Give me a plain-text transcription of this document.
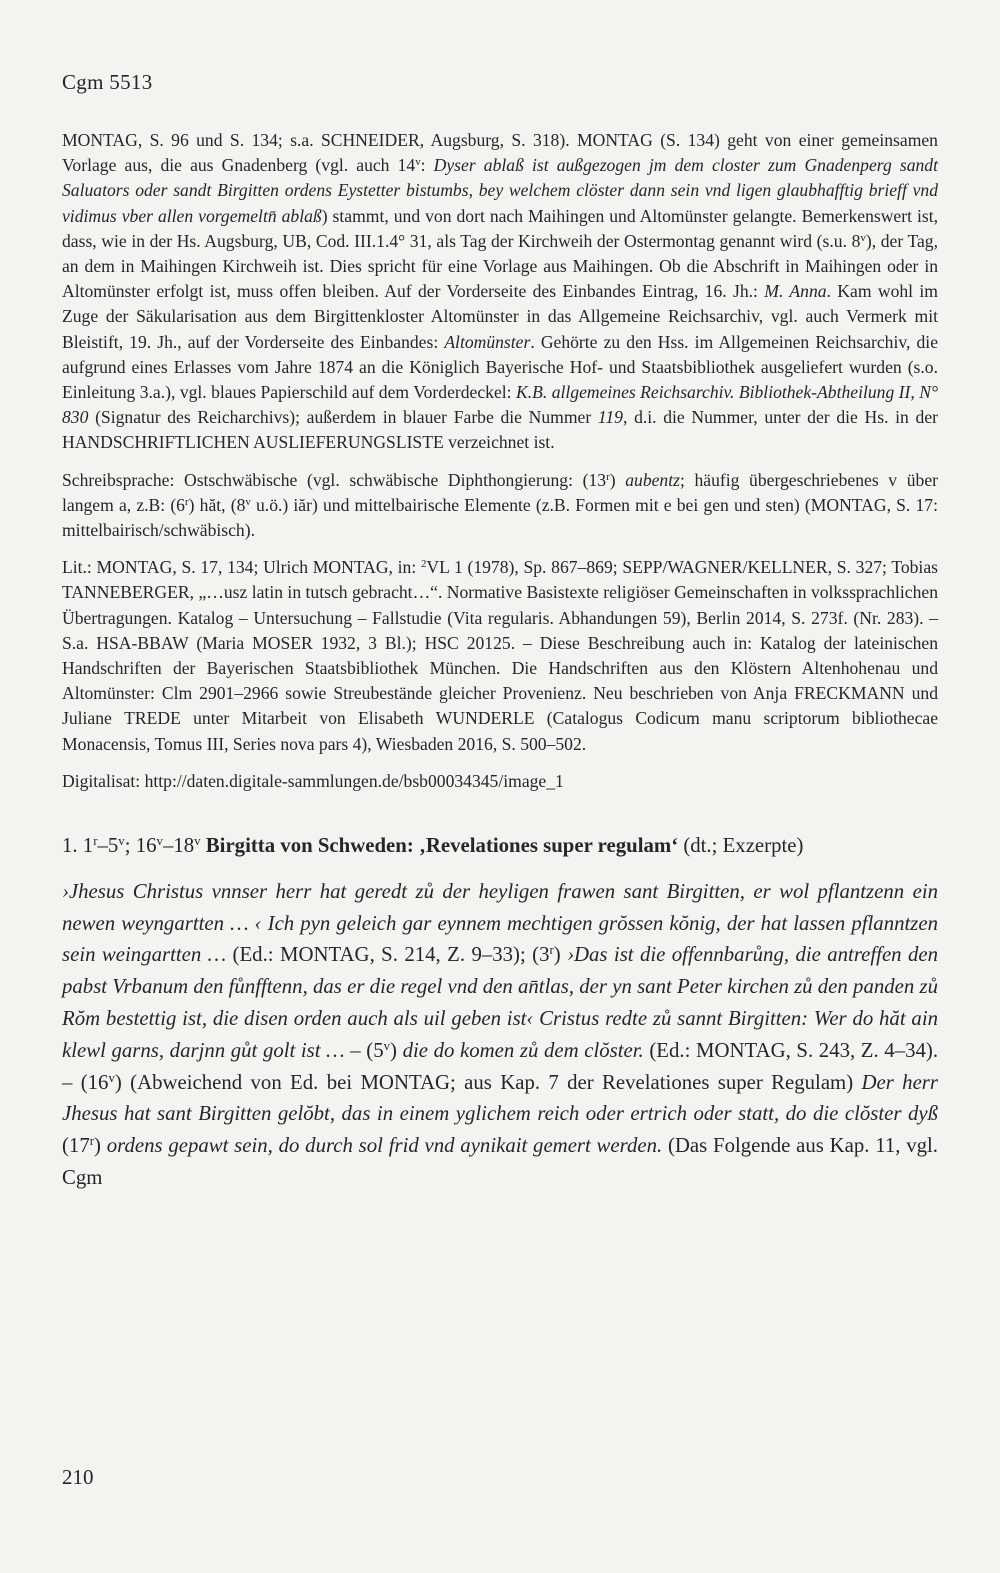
Cgm 5513

MONTAG, S. 96 und S. 134; s.a. SCHNEIDER, Augsburg, S. 318). MONTAG (S. 134) geht von einer gemeinsamen Vorlage aus, die aus Gnadenberg (vgl. auch 14$^v$: Dyser ablaß ist außgezogen jm dem closter zum Gnadenperg sandt Saluators oder sandt Birgitten ordens Eystetter bistumbs, bey welchem clöster dann sein vnd ligen glaubhafftig brieff vnd vidimus vber allen vorgemeltn̄ ablaß) stammt, und von dort nach Maihingen und Altomünster gelangte. Bemerkenswert ist, dass, wie in der Hs. Augsburg, UB, Cod. III.1.4° 31, als Tag der Kirchweih der Ostermontag genannt wird (s.u. 8$^v$), der Tag, an dem in Maihingen Kirchweih ist. Dies spricht für eine Vorlage aus Maihingen. Ob die Abschrift in Maihingen oder in Altomünster erfolgt ist, muss offen bleiben. Auf der Vorderseite des Einbandes Eintrag, 16. Jh.: M. Anna. Kam wohl im Zuge der Säkularisation aus dem Birgittenkloster Altomünster in das Allgemeine Reichsarchiv, vgl. auch Vermerk mit Bleistift, 19. Jh., auf der Vorderseite des Einbandes: Altomünster. Gehörte zu den Hss. im Allgemeinen Reichsarchiv, die aufgrund eines Erlasses vom Jahre 1874 an die Königlich Bayerische Hof- und Staatsbibliothek ausgeliefert wurden (s.o. Einleitung 3.a.), vgl. blaues Papierschild auf dem Vorderdeckel: K.B. allgemeines Reichsarchiv. Bibliothek-Abtheilung II, N° 830 (Signatur des Reicharchivs); außerdem in blauer Farbe die Nummer 119, d.i. die Nummer, unter der die Hs. in der HANDSCHRIFTLICHEN AUSLIEFERUNGSLISTE verzeichnet ist.

Schreibsprache: Ostschwäbische (vgl. schwäbische Diphthongierung: (13$^r$) aubentz; häufig übergeschriebenes v über langem a, z.B: (6$^r$) hăt, (8$^v$ u.ö.) iăr) und mittelbairische Elemente (z.B. Formen mit e bei gen und sten) (MONTAG, S. 17: mittelbairisch/schwäbisch).

Lit.: MONTAG, S. 17, 134; Ulrich MONTAG, in: $^2$VL 1 (1978), Sp. 867–869; SEPP/WAGNER/KELLNER, S. 327; Tobias TANNEBERGER, „…usz latin in tutsch gebracht…“. Normative Basistexte religiöser Gemeinschaften in volkssprachlichen Übertragungen. Katalog – Untersuchung – Fallstudie (Vita regularis. Abhandungen 59), Berlin 2014, S. 273f. (Nr. 283). – S.a. HSA-BBAW (Maria MOSER 1932, 3 Bl.); HSC 20125. – Diese Beschreibung auch in: Katalog der lateinischen Handschriften der Bayerischen Staatsbibliothek München. Die Handschriften aus den Klöstern Altenhohenau und Altomünster: Clm 2901–2966 sowie Streubestände gleicher Provenienz. Neu beschrieben von Anja FRECKMANN und Juliane TREDE unter Mitarbeit von Elisabeth WUNDERLE (Catalogus Codicum manu scriptorum bibliothecae Monacensis, Tomus III, Series nova pars 4), Wiesbaden 2016, S. 500–502.

Digitalisat: http://daten.digitale-sammlungen.de/bsb00034345/image_1

1. 1$^r$–5$^v$; 16$^v$–18$^v$ Birgitta von Schweden: ‚Revelationes super regulam‘ (dt.; Exzerpte)

›Jhesus Christus vnnser herr hat geredt zů der heyligen frawen sant Birgitten, er wol pflantzenn ein newen weyngartten … ‹ Ich pyn geleich gar eynnem mechtigen grŏssen kŏnig, der hat lassen pflanntzen sein weingartten … (Ed.: MONTAG, S. 214, Z. 9–33); (3$^r$) ›Das ist die offennbarůng, die antreffen den pabst Vrbanum den fůnfftenn, das er die regel vnd den an̄tlas, der yn sant Peter kirchen zů den panden zů Rŏm bestettig ist, die disen orden auch als uil geben ist‹ Cristus redte zů sannt Birgitten: Wer do hăt ain klewl garns, darjnn gůt golt ist … – (5$^v$) die do komen zů dem clŏster. (Ed.: MONTAG, S. 243, Z. 4–34). – (16$^v$) (Abweichend von Ed. bei MONTAG; aus Kap. 7 der Revelationes super Regulam) Der herr Jhesus hat sant Birgitten gelŏbt, das in einem yglichem reich oder ertrich oder statt, do die clŏster dyß (17$^r$) ordens gepawt sein, do durch sol frid vnd aynikait gemert werden. (Das Folgende aus Kap. 11, vgl. Cgm

210
